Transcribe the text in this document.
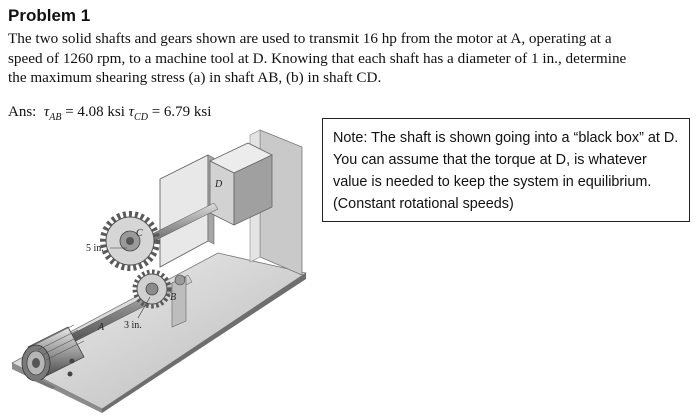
Problem 1
The two solid shafts and gears shown are used to transmit 16 hp from the motor at A, operating at a
speed of 1260 rpm, to a machine tool at D. Knowing that each shaft has a diameter of 1 in., determine
the maximum shearing stress (a) in shaft AB, (b) in shaft CD.
Ans: $\tau_{AB} = 4.08$ ksi $\tau_{CD} = 6.79$ ksi
Note: The shaft is shown going into a “black box” at D. You can assume that the torque at D, is whatever value is needed to keep the system in equilibrium. (Constant rotational speeds)
D
C
B
A
5 in.
3 in.
